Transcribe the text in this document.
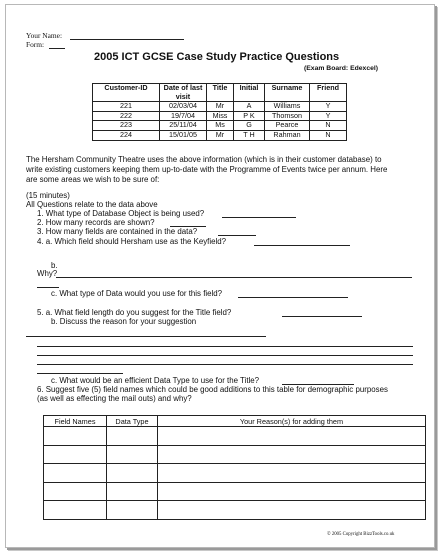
Your Name:
Form:
2005 ICT GCSE Case Study Practice Questions
(Exam Board: Edexcel)
Customer-ID	Date of last visit	Title	Initial	Surname	Friend
221	02/03/04	Mr	A	Williams	Y
222	19/7/04	Miss	P K	Thomson	Y
223	25/11/04	Ms	G	Pearce	N
224	15/01/05	Mr	T H	Rahman	N
The Hersham Community Theatre uses the above information (which is in their customer database) to
write existing customers keeping them up-to-date with the Programme of Events twice per annum. Here
are some areas we wish to be sure of:
(15 minutes)
All Questions relate to the data above
1. What type of Database Object is being used?
2. How many records are shown?
3. How many fields are contained in the data?
4. a. Which field should Hersham use as the Keyfield?
b.
Why?
c. What type of Data would you use for this field?
5. a. What field length do you suggest for the Title field?
b. Discuss the reason for your suggestion
c. What would be an efficient Data Type to use for the Title?
6. Suggest five (5) field names which could be good additions to this table for demographic purposes
(as well as effecting the mail outs) and why?
Field Names	Data Type	Your Reason(s) for adding them

© 2005 Copyright BizzTools.co.uk
